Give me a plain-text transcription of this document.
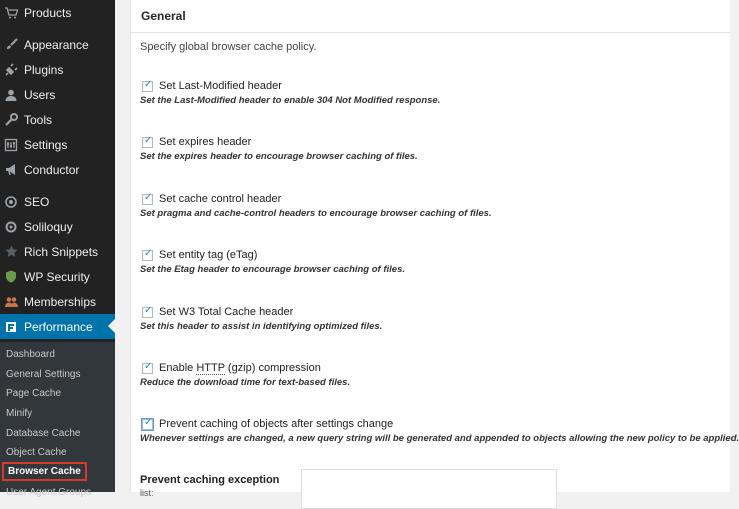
Products
Appearance
Plugins
Users
Tools
Settings
Conductor
SEO
Soliloquy
Rich Snippets
WP Security
Memberships
Performance
Dashboard
General Settings
Page Cache
Minify
Database Cache
Object Cache
Browser Cache
User Agent Groups
General
Specify global browser cache policy.
✓
Set Last-Modified header
Set the Last-Modified header to enable 304 Not Modified response.
✓
Set expires header
Set the expires header to encourage browser caching of files.
✓
Set cache control header
Set pragma and cache-control headers to encourage browser caching of files.
✓
Set entity tag (eTag)
Set the Etag header to encourage browser caching of files.
✓
Set W3 Total Cache header
Set this header to assist in identifying optimized files.
✓
Enable HTTP (gzip) compression
Reduce the download time for text-based files.
✓
Prevent caching of objects after settings change
Whenever settings are changed, a new query string will be generated and appended to objects allowing the new policy to be applied.
Prevent caching exception
list:
